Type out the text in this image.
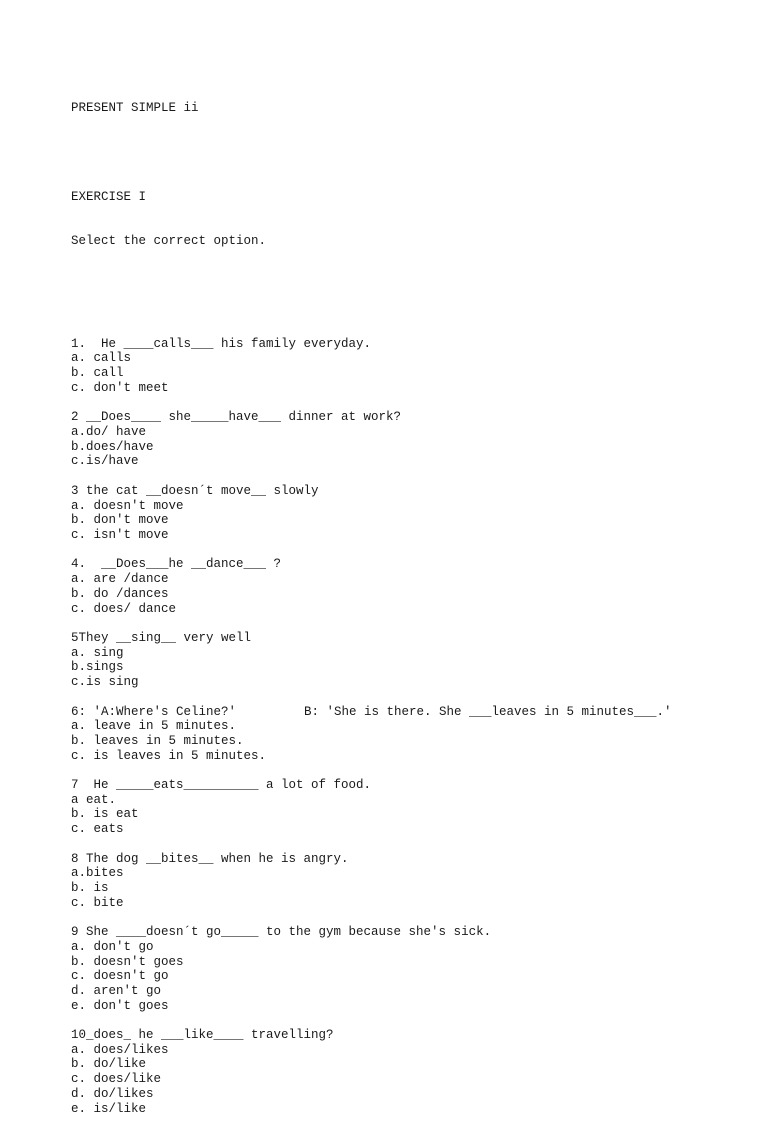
PRESENT SIMPLE ii

EXERCISE I

Select the correct option.

1.  He ____calls___ his family everyday.
a. calls
b. call
c. don't meet
2 __Does____ she_____have___ dinner at work?
a.do/ have
b.does/have
c.is/have
3 the cat __doesn´t move__ slowly
a. doesn't move
b. don't move
c. isn't move
4.  __Does___he __dance___ ?
a. are /dance
b. do /dances
c. does/ dance
5They __sing__ very well
a. sing
b.sings
c.is sing
6: 'A:Where's Celine?'	B: 'She is there. She ___leaves in 5 minutes___.'
a. leave in 5 minutes.
b. leaves in 5 minutes.
c. is leaves in 5 minutes.
7  He _____eats__________ a lot of food.
a eat.
b. is eat
c. eats
8 The dog __bites__ when he is angry.
a.bites
b. is
c. bite
9 She ____doesn´t go_____ to the gym because she's sick.
a. don't go
b. doesn't goes
c. doesn't go
d. aren't go
e. don't goes
10_does_ he ___like____ travelling?
a. does/likes
b. do/like
c. does/like
d. do/likes
e. is/like
